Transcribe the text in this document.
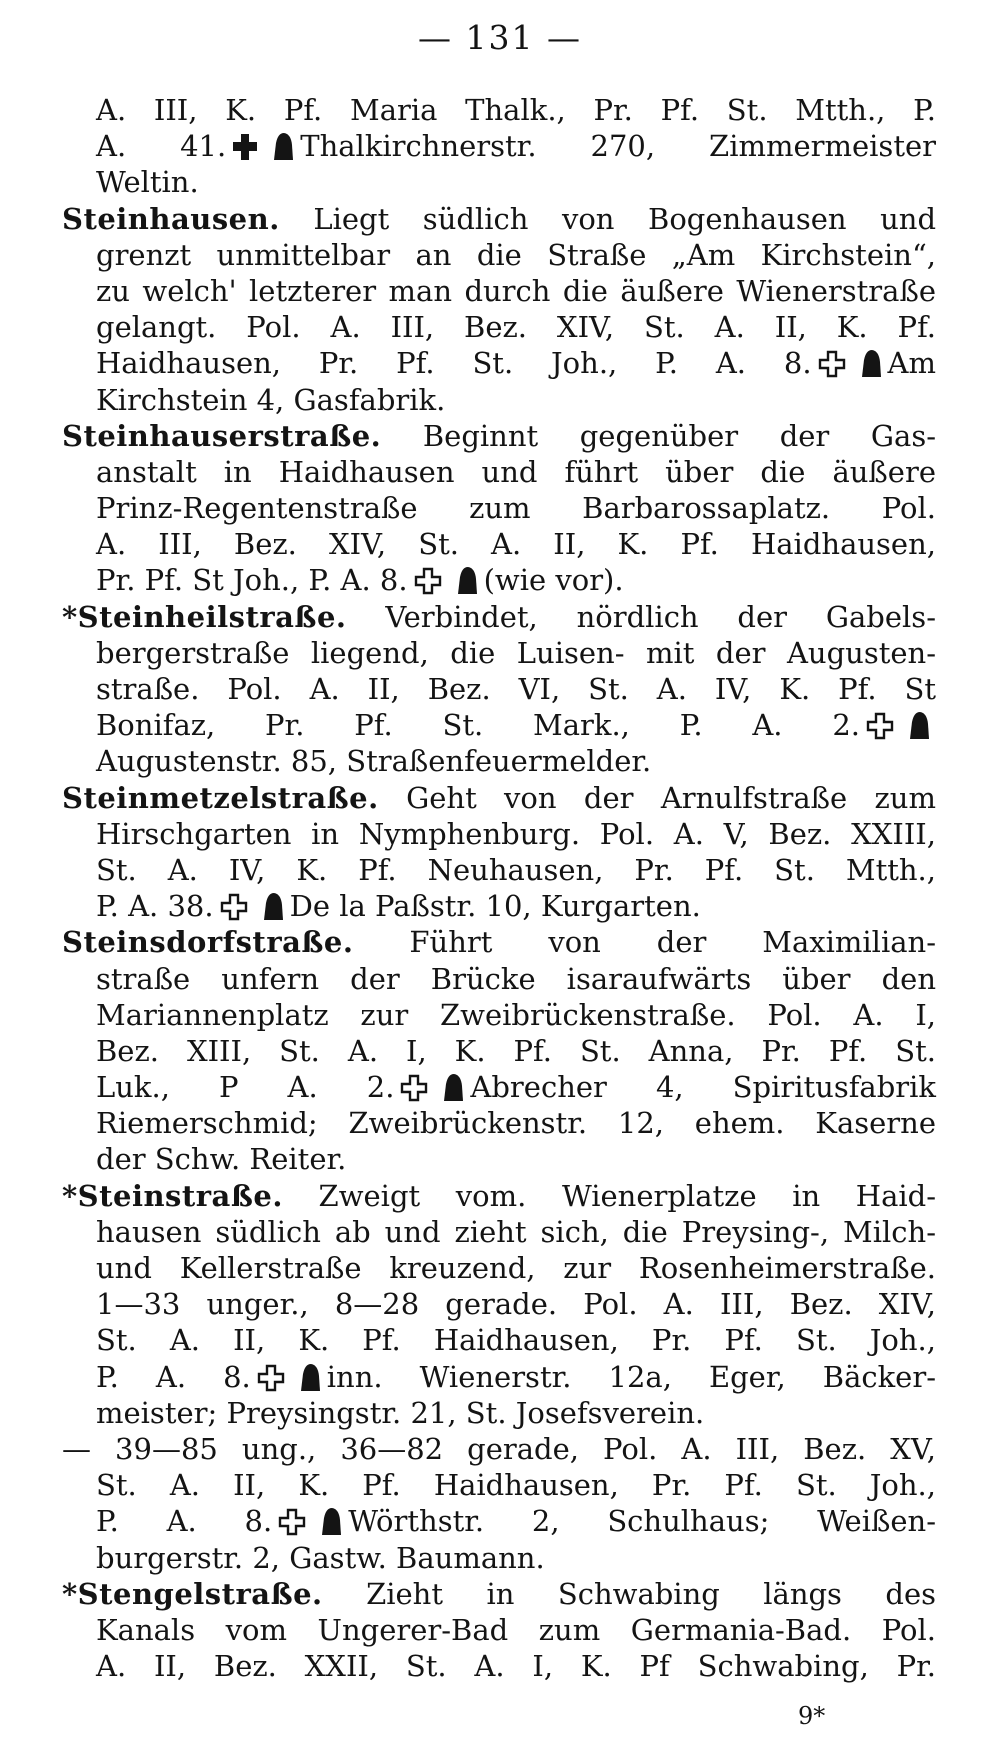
— 131 —
A. III, K. Pf. Maria Thalk., Pr. Pf. St. Mtth., P.
A. 41.	Thalkirchnerstr. 270, Zimmermeister
Weltin.
Steinhausen. Liegt südlich von Bogenhausen und
grenzt unmittelbar an die Straße „Am Kirchstein“,
zu welch' letzterer man durch die äußere Wienerstraße
gelangt. Pol. A. III, Bez. XIV, St. A. II, K. Pf.
Haidhausen, Pr. Pf. St. Joh., P. A. 8.	Am
Kirchstein 4, Gasfabrik.
Steinhauserstraße. Beginnt gegenüber der Gas-
anstalt in Haidhausen und führt über die äußere
Prinz-Regentenstraße zum Barbarossaplatz. Pol.
A. III, Bez. XIV, St. A. II, K. Pf. Haidhausen,
Pr. Pf. St Joh., P. A. 8.	(wie vor).
*Steinheilstraße. Verbindet, nördlich der Gabels-
bergerstraße liegend, die Luisen- mit der Augusten-
straße. Pol. A. II, Bez. VI, St. A. IV, K. Pf. St
Bonifaz, Pr. Pf. St. Mark., P. A. 2.
Augustenstr. 85, Straßenfeuermelder.
Steinmetzelstraße. Geht von der Arnulfstraße zum
Hirschgarten in Nymphenburg. Pol. A. V, Bez. XXIII,
St. A. IV, K. Pf. Neuhausen, Pr. Pf. St. Mtth.,
P. A. 38.	De la Paßstr. 10, Kurgarten.
Steinsdorfstraße. Führt von der Maximilian-
straße unfern der Brücke isaraufwärts über den
Mariannenplatz zur Zweibrückenstraße. Pol. A. I,
Bez. XIII, St. A. I, K. Pf. St. Anna, Pr. Pf. St.
Luk., P A. 2.	Abrecher 4, Spiritusfabrik
Riemerschmid; Zweibrückenstr. 12, ehem. Kaserne
der Schw. Reiter.
*Steinstraße. Zweigt vom. Wienerplatze in Haid-
hausen südlich ab und zieht sich, die Preysing-, Milch-
und Kellerstraße kreuzend, zur Rosenheimerstraße.
1—33 unger., 8—28 gerade. Pol. A. III, Bez. XIV,
St. A. II, K. Pf. Haidhausen, Pr. Pf. St. Joh.,
P. A. 8.	inn. Wienerstr. 12a, Eger, Bäcker-
meister; Preysingstr. 21, St. Josefsverein.
— 39—85 ung., 36—82 gerade, Pol. A. III, Bez. XV,
St. A. II, K. Pf. Haidhausen, Pr. Pf. St. Joh.,
P. A. 8.	Wörthstr. 2, Schulhaus; Weißen-
burgerstr. 2, Gastw. Baumann.
*Stengelstraße. Zieht in Schwabing längs des
Kanals vom Ungerer-Bad zum Germania-Bad. Pol.
A. II, Bez. XXII, St. A. I, K. Pf Schwabing, Pr.
9*
